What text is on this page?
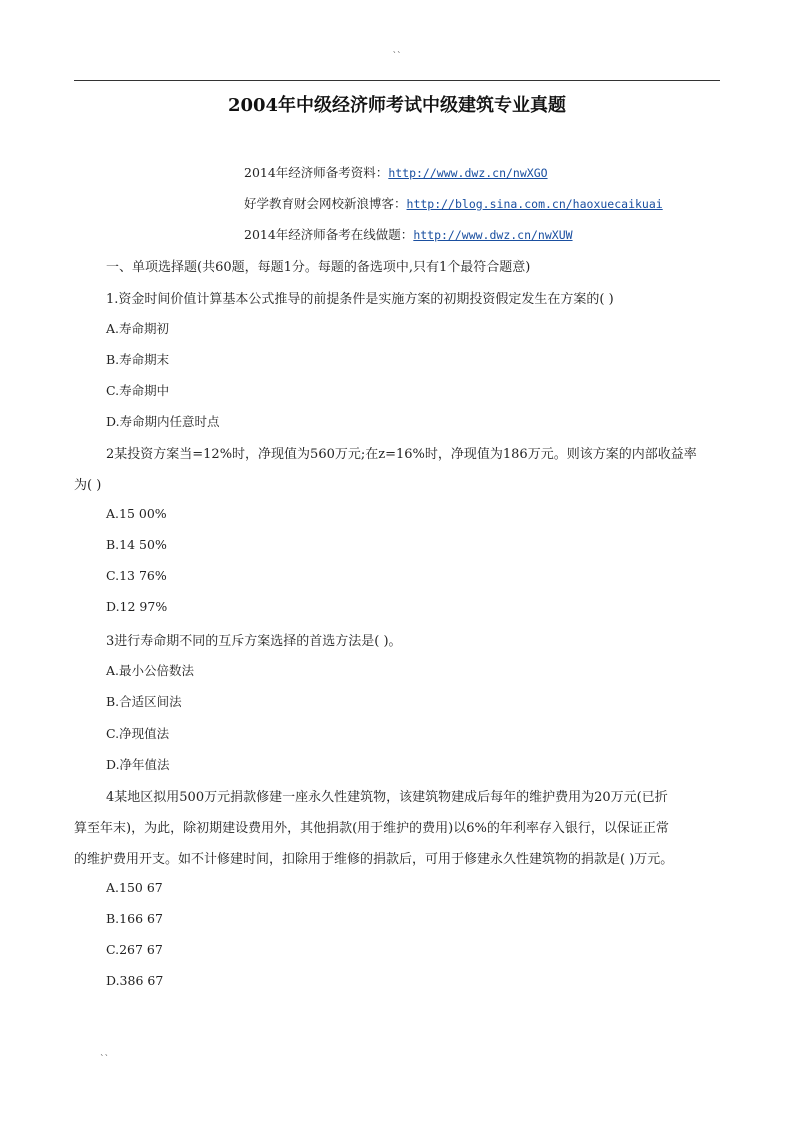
``
2004年中级经济师考试中级建筑专业真题
2014年经济师备考资料：http://www.dwz.cn/nwXGO
好学教育财会网校新浪博客：http://blog.sina.com.cn/haoxuecaikuai
2014年经济师备考在线做题：http://www.dwz.cn/nwXUW
一、单项选择题(共60题，每题1分。每题的备选项中,只有1个最符合题意)
1.资金时间价值计算基本公式推导的前提条件是实施方案的初期投资假定发生在方案的( )
A.寿命期初
B.寿命期末
C.寿命期中
D.寿命期内任意时点
2某投资方案当=12%时，净现值为560万元;在z=16%时，净现值为186万元。则该方案的内部收益率
为( )
A.15 00%
B.14 50%
C.13 76%
D.12 97%
3进行寿命期不同的互斥方案选择的首选方法是( )。
A.最小公倍数法
B.合适区间法
C.净现值法
D.净年值法
4某地区拟用500万元捐款修建一座永久性建筑物，该建筑物建成后每年的维护费用为20万元(已折
算至年末)，为此，除初期建设费用外，其他捐款(用于维护的费用)以6%的年利率存入银行，以保证正常
的维护费用开支。如不计修建时间，扣除用于维修的捐款后，可用于修建永久性建筑物的捐款是( )万元。
A.150 67
B.166 67
C.267 67
D.386 67
``
